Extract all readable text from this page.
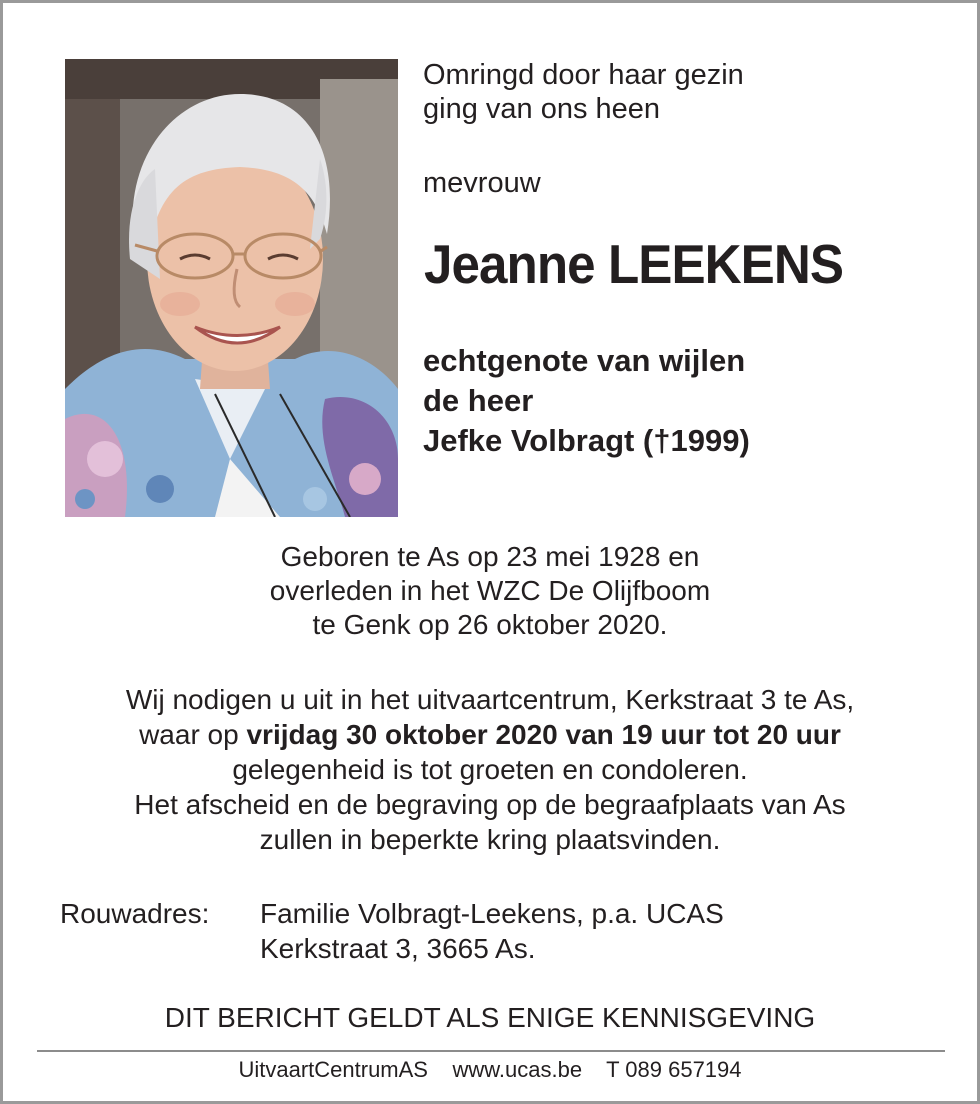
Omringd door haar gezin
ging van ons heen
mevrouw
Jeanne LEEKENS
echtgenote van wijlen
de heer
Jefke Volbragt (†1999)
Geboren te As op 23 mei 1928 en
overleden in het WZC De Olijfboom
te Genk op 26 oktober 2020.
Wij nodigen u uit in het uitvaartcentrum, Kerkstraat 3 te As,
waar op vrijdag 30 oktober 2020 van 19 uur tot 20 uur
gelegenheid is tot groeten en condoleren.
Het afscheid en de begraving op de begraafplaats van As
zullen in beperkte kring plaatsvinden.
Rouwadres: Familie Volbragt-Leekens, p.a. UCAS
Kerkstraat 3, 3665 As.
DIT BERICHT GELDT ALS ENIGE KENNISGEVING
UitvaartCentrumAS www.ucas.be T 089 657194
